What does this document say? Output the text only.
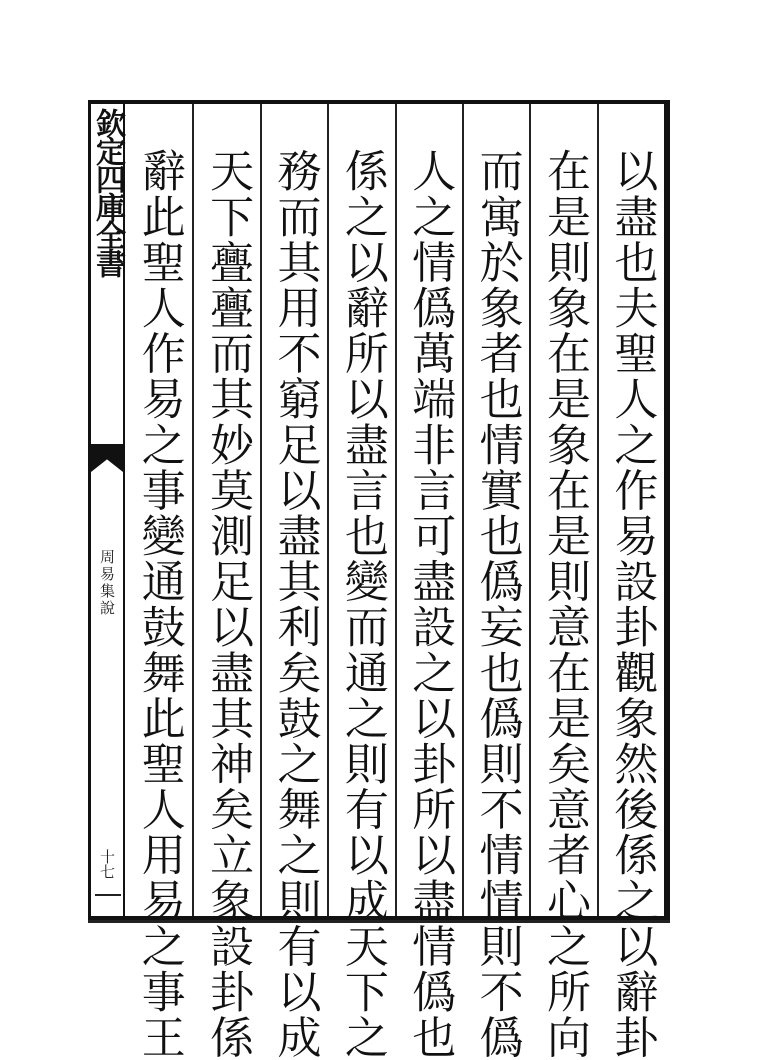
欽定四庫全書
周易集說
十七	以盡也夫聖人之作易設卦觀象然後係之以辭卦
在是則象在是象在是則意在是矣意者心之所向
而寓於象者也情實也僞妄也僞則不情情則不僞
人之情僞萬端非言可盡設之以卦所以盡情僞也
係之以辭所以盡言也變而通之則有以成天下之
務而其用不窮足以盡其利矣鼓之舞之則有以成
天下亹亹而其妙莫測足以盡其神矣立象設卦係
辭此聖人作易之事變通鼓舞此聖人用易之事王
